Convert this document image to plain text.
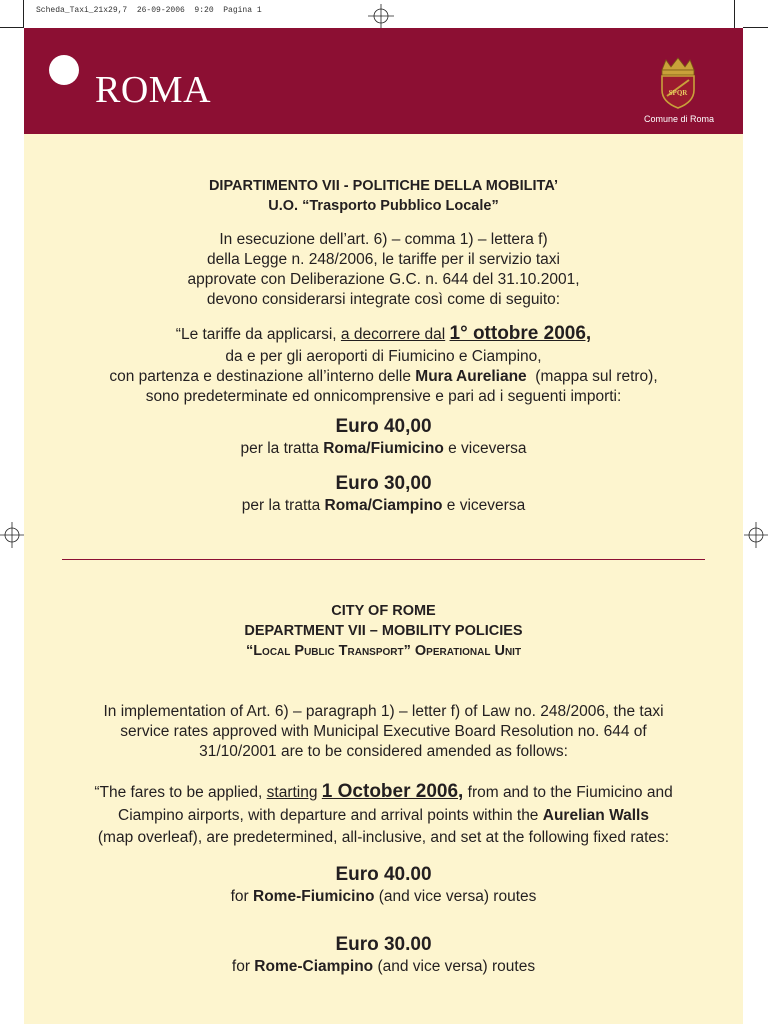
Scheda_Taxi_21x29,7  26-09-2006  9:20  Pagina 1
ROMA	SPQR
Comune di Roma
DIPARTIMENTO VII - POLITICHE DELLA MOBILITA’
U.O. “Trasporto Pubblico Locale”
In esecuzione dell’art. 6) – comma 1) – lettera f)
della Legge n. 248/2006, le tariffe per il servizio taxi
approvate con Deliberazione G.C. n. 644 del 31.10.2001,
devono considerarsi integrate così come di seguito:
“Le tariffe da applicarsi, a decorrere dal 1° ottobre 2006,
da e per gli aeroporti di Fiumicino e Ciampino,
con partenza e destinazione all’interno delle Mura Aureliane  (mappa sul retro),
sono predeterminate ed onnicomprensive e pari ad i seguenti importi:
Euro 40,00
per la tratta Roma/Fiumicino e viceversa
Euro 30,00
per la tratta Roma/Ciampino e viceversa
CITY OF ROME
DEPARTMENT VII – MOBILITY POLICIES
“Local Public Transport” Operational Unit
In implementation of Art. 6) – paragraph 1) – letter f) of Law no. 248/2006, the taxi
service rates approved with Municipal Executive Board Resolution no. 644 of
31/10/2001 are to be considered amended as follows:
“The fares to be applied, starting 1 October 2006, from and to the Fiumicino and
Ciampino airports, with departure and arrival points within the Aurelian Walls
(map overleaf), are predetermined, all-inclusive, and set at the following fixed rates:
Euro 40.00
for Rome-Fiumicino (and vice versa) routes
Euro 30.00
for Rome-Ciampino (and vice versa) routes
